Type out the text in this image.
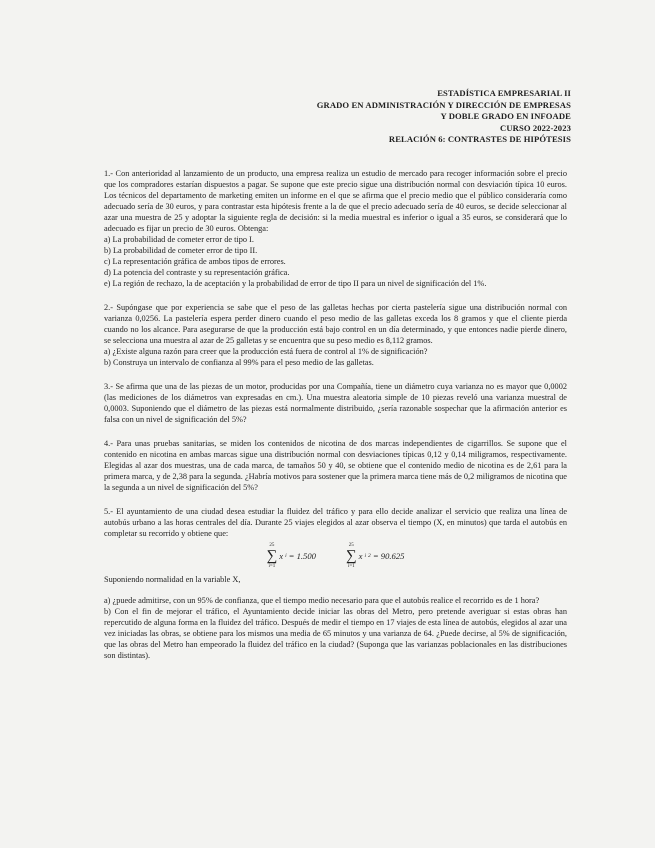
ESTADÍSTICA EMPRESARIAL II
GRADO EN ADMINISTRACIÓN Y DIRECCIÓN DE EMPRESAS
Y DOBLE GRADO EN INFOADE
CURSO 2022-2023
RELACIÓN 6: CONTRASTES DE HIPÓTESIS

1.- Con anterioridad al lanzamiento de un producto, una empresa realiza un estudio de mercado para recoger información sobre el precio que los compradores estarían dispuestos a pagar. Se supone que este precio sigue una distribución normal con desviación típica 10 euros. Los técnicos del departamento de marketing emiten un informe en el que se afirma que el precio medio que el público consideraría como adecuado sería de 30 euros, y para contrastar esta hipótesis frente a la de que el precio adecuado sería de 40 euros, se decide seleccionar al azar una muestra de 25 y adoptar la siguiente regla de decisión: si la media muestral es inferior o igual a 35 euros, se considerará que lo adecuado es fijar un precio de 30 euros. Obtenga:

a) La probabilidad de cometer error de tipo I.
b) La probabilidad de cometer error de tipo II.
c) La representación gráfica de ambos tipos de errores.
d) La potencia del contraste y su representación gráfica.
e) La región de rechazo, la de aceptación y la probabilidad de error de tipo II para un nivel de significación del 1%.

2.- Supóngase que por experiencia se sabe que el peso de las galletas hechas por cierta pastelería sigue una distribución normal con varianza 0,0256. La pastelería espera perder dinero cuando el peso medio de las galletas exceda los 8 gramos y que el cliente pierda cuando no los alcance. Para asegurarse de que la producción está bajo control en un día determinado, y que entonces nadie pierde dinero, se selecciona una muestra al azar de 25 galletas y se encuentra que su peso medio es 8,112 gramos.

a) ¿Existe alguna razón para creer que la producción está fuera de control al 1% de significación?
b) Construya un intervalo de confianza al 99% para el peso medio de las galletas.

3.- Se afirma que una de las piezas de un motor, producidas por una Compañía, tiene un diámetro cuya varianza no es mayor que 0,0002 (las mediciones de los diámetros van expresadas en cm.). Una muestra aleatoria simple de 10 piezas reveló una varianza muestral de 0,0003. Suponiendo que el diámetro de las piezas está normalmente distribuido, ¿sería razonable sospechar que la afirmación anterior es falsa con un nivel de significación del 5%?

4.- Para unas pruebas sanitarias, se miden los contenidos de nicotina de dos marcas independientes de cigarrillos. Se supone que el contenido en nicotina en ambas marcas sigue una distribución normal con desviaciones típicas 0,12 y 0,14 miligramos, respectivamente. Elegidas al azar dos muestras, una de cada marca, de tamaños 50 y 40, se obtiene que el contenido medio de nicotina es de 2,61 para la primera marca, y de 2,38 para la segunda. ¿Habría motivos para sostener que la primera marca tiene más de 0,2 miligramos de nicotina que la segunda a un nivel de significación del 5%?

5.- El ayuntamiento de una ciudad desea estudiar la fluidez del tráfico y para ello decide analizar el servicio que realiza una línea de autobús urbano a las horas centrales del día. Durante 25 viajes elegidos al azar observa el tiempo (X, en minutos) que tarda el autobús en completar su recorrido y obtiene que:

25
∑
i=1
x i = 1.500
25
∑
i=1
x i 2 = 90.625

Suponiendo normalidad en la variable X,

a) ¿puede admitirse, con un 95% de confianza, que el tiempo medio necesario para que el autobús realice el recorrido es de 1 hora?
b) Con el fin de mejorar el tráfico, el Ayuntamiento decide iniciar las obras del Metro, pero pretende averiguar si estas obras han repercutido de alguna forma en la fluidez del tráfico. Después de medir el tiempo en 17 viajes de esta línea de autobús, elegidos al azar una vez iniciadas las obras, se obtiene para los mismos una media de 65 minutos y una varianza de 64. ¿Puede decirse, al 5% de significación, que las obras del Metro han empeorado la fluidez del tráfico en la ciudad? (Suponga que las varianzas poblacionales en las distribuciones son distintas).
